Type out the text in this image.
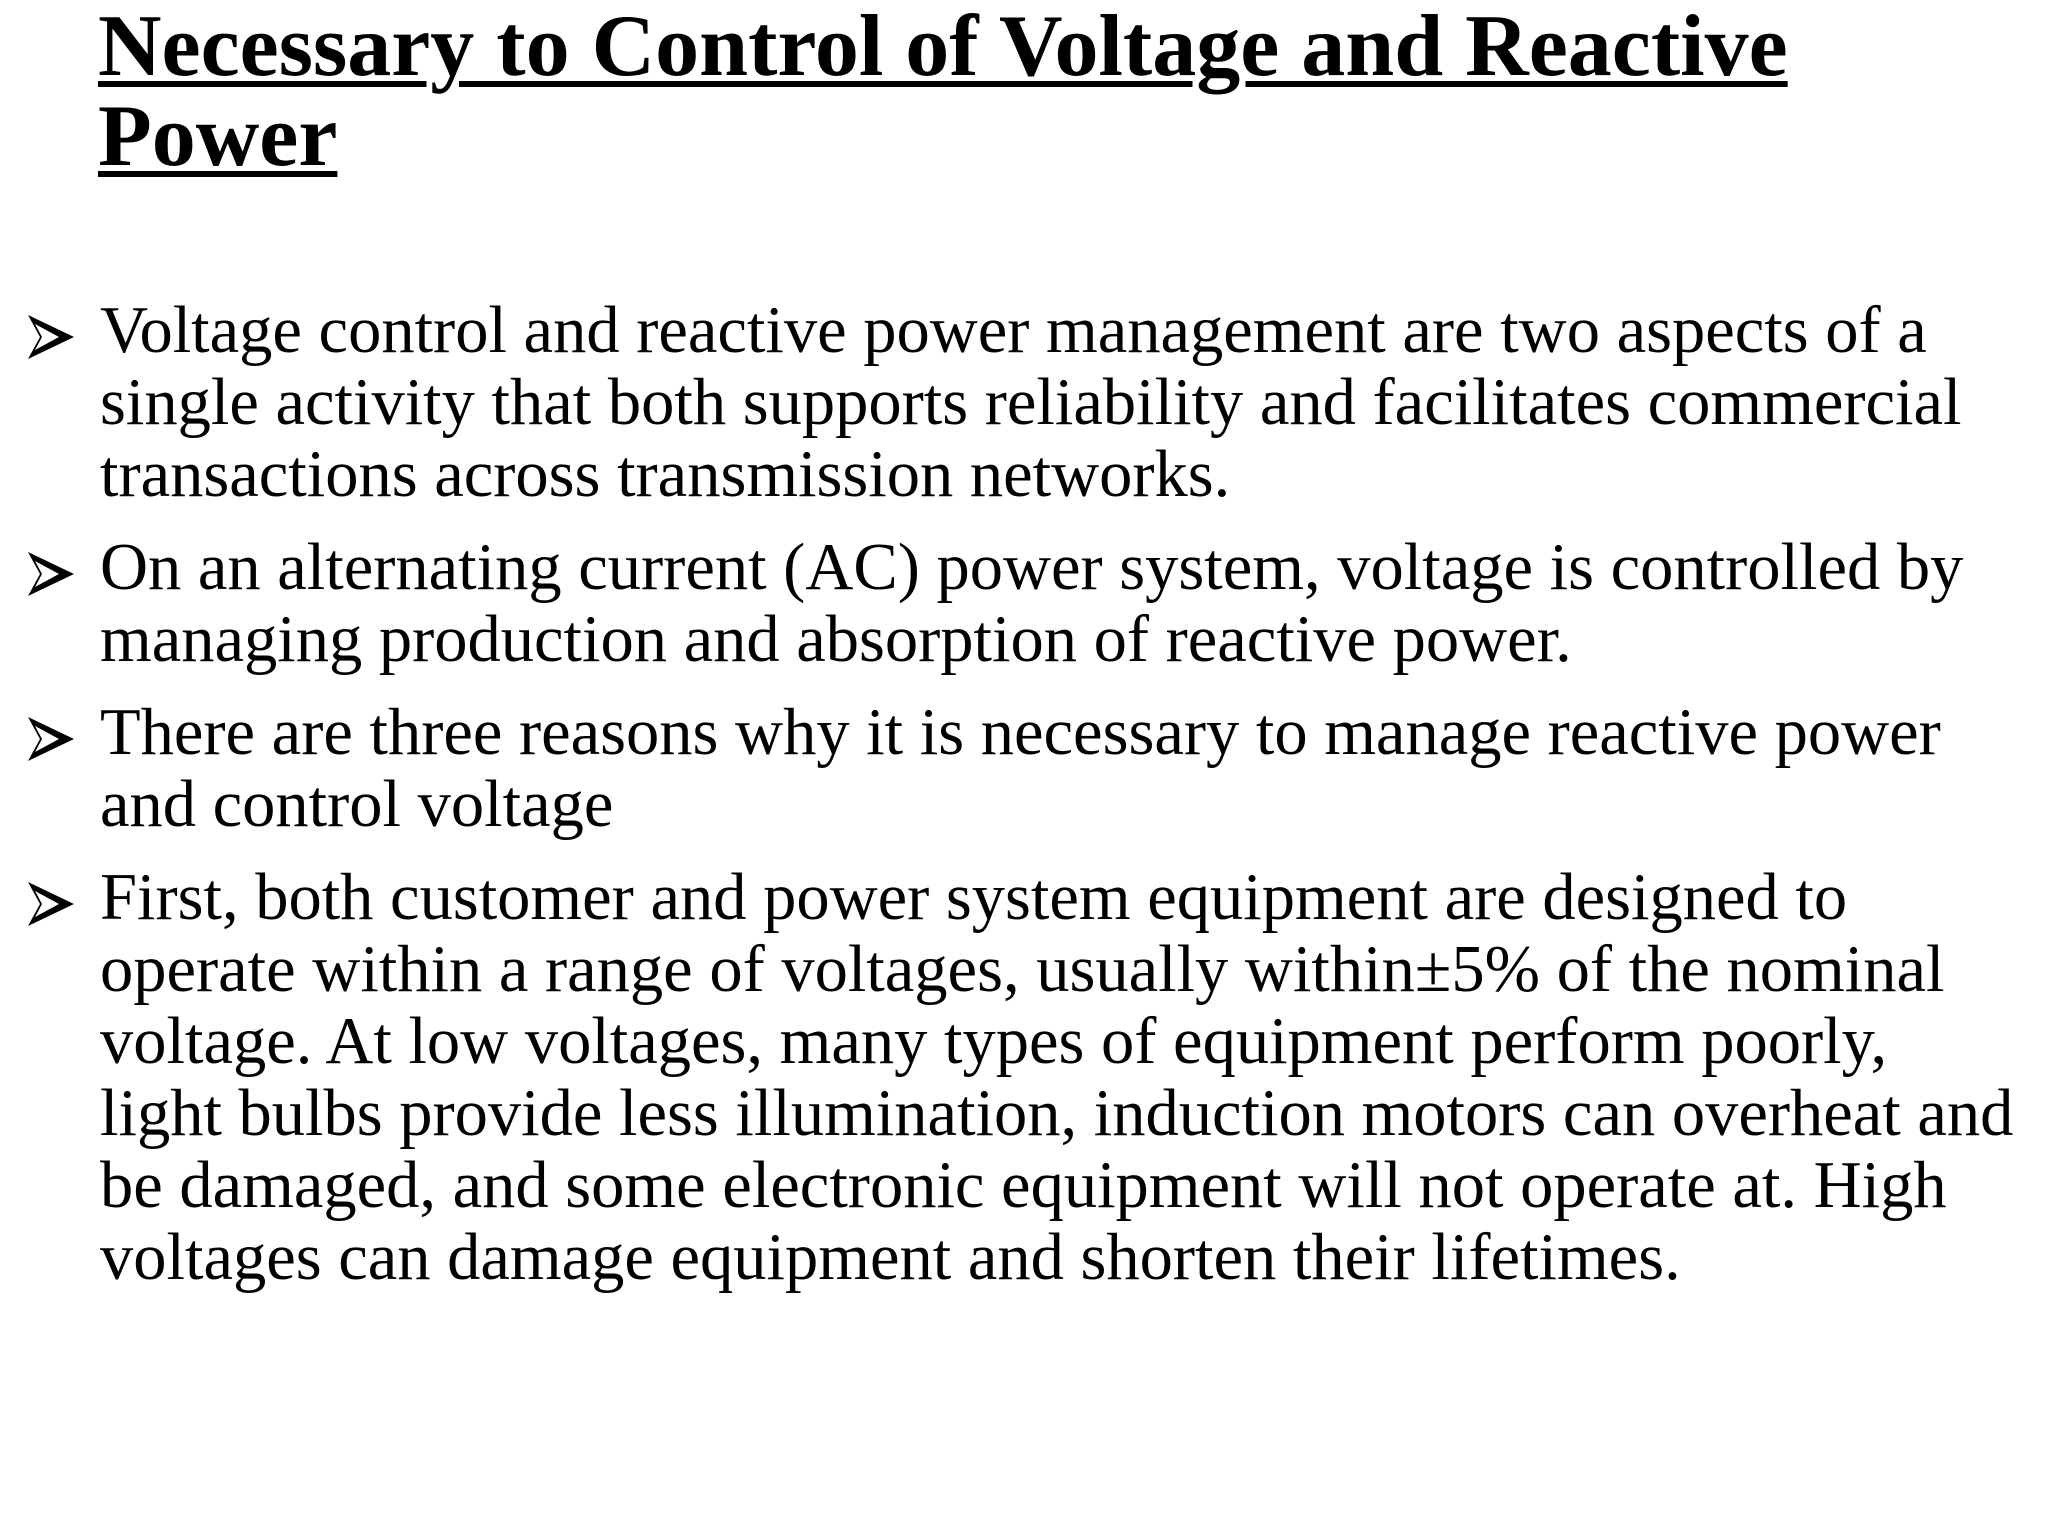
Necessary to Control of Voltage and Reactive
Power
Voltage control and reactive power management are two aspects of a single activity that both supports reliability and facilitates commercial transactions across transmission networks.
On an alternating current (AC) power system, voltage is controlled by managing production and absorption of reactive power.
There are three reasons why it is necessary to manage reactive power and control voltage
First, both customer and power system equipment are designed to operate within a range of voltages, usually within±5% of the nominal voltage. At low voltages, many types of equipment perform poorly, light bulbs provide less illumination, induction motors can overheat and be damaged, and some electronic equipment will not operate at. High voltages can damage equipment and shorten their lifetimes.
